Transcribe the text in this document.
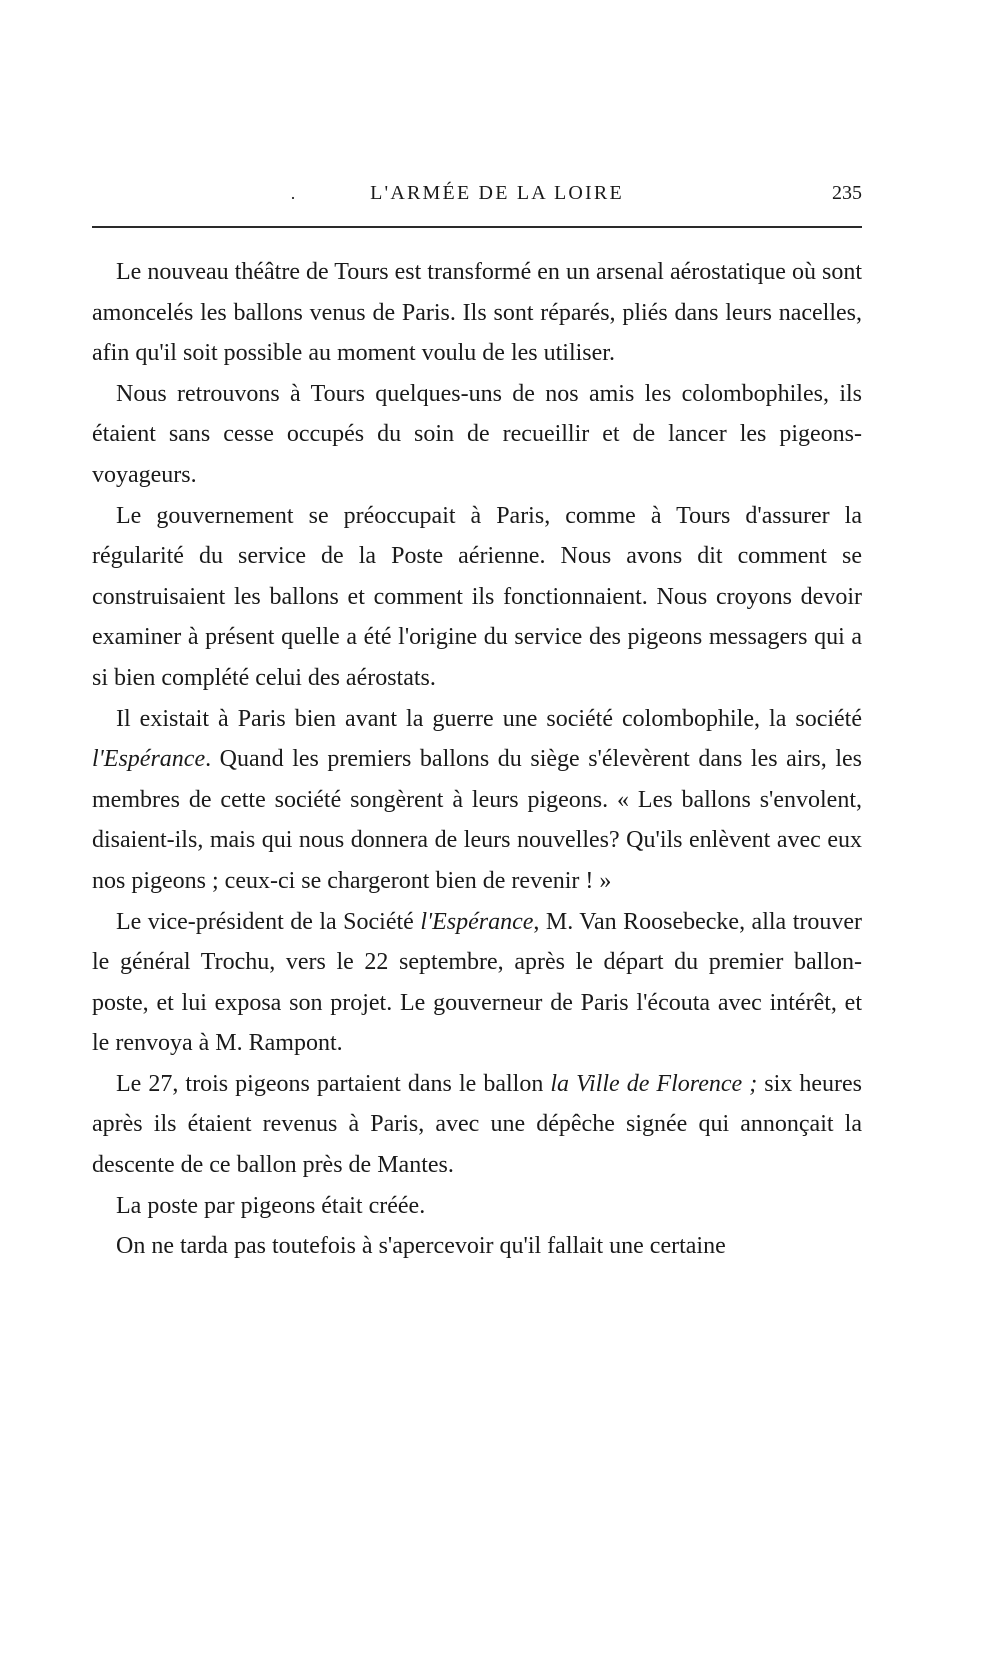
·	L'ARMÉE DE LA LOIRE	235

Le nouveau théâtre de Tours est transformé en un arsenal aérostatique où sont amoncelés les ballons venus de Paris. Ils sont réparés, pliés dans leurs nacelles, afin qu'il soit possible au moment voulu de les utiliser.

Nous retrouvons à Tours quelques-uns de nos amis les colombophiles, ils étaient sans cesse occupés du soin de recueillir et de lancer les pigeons-voyageurs.

Le gouvernement se préoccupait à Paris, comme à Tours d'assurer la régularité du service de la Poste aérienne. Nous avons dit comment se construisaient les ballons et comment ils fonctionnaient. Nous croyons devoir examiner à présent quelle a été l'origine du service des pigeons messagers qui a si bien complété celui des aérostats.

Il existait à Paris bien avant la guerre une société colombophile, la société l'Espérance. Quand les premiers ballons du siège s'élevèrent dans les airs, les membres de cette société songèrent à leurs pigeons. « Les ballons s'envolent, disaient-ils, mais qui nous donnera de leurs nouvelles? Qu'ils enlèvent avec eux nos pigeons ; ceux-ci se chargeront bien de revenir ! »

Le vice-président de la Société l'Espérance, M. Van Roosebecke, alla trouver le général Trochu, vers le 22 septembre, après le départ du premier ballon-poste, et lui exposa son projet. Le gouverneur de Paris l'écouta avec intérêt, et le renvoya à M. Rampont.

Le 27, trois pigeons partaient dans le ballon la Ville de Florence ; six heures après ils étaient revenus à Paris, avec une dépêche signée qui annonçait la descente de ce ballon près de Mantes.

La poste par pigeons était créée.

On ne tarda pas toutefois à s'apercevoir qu'il fallait une certaine
